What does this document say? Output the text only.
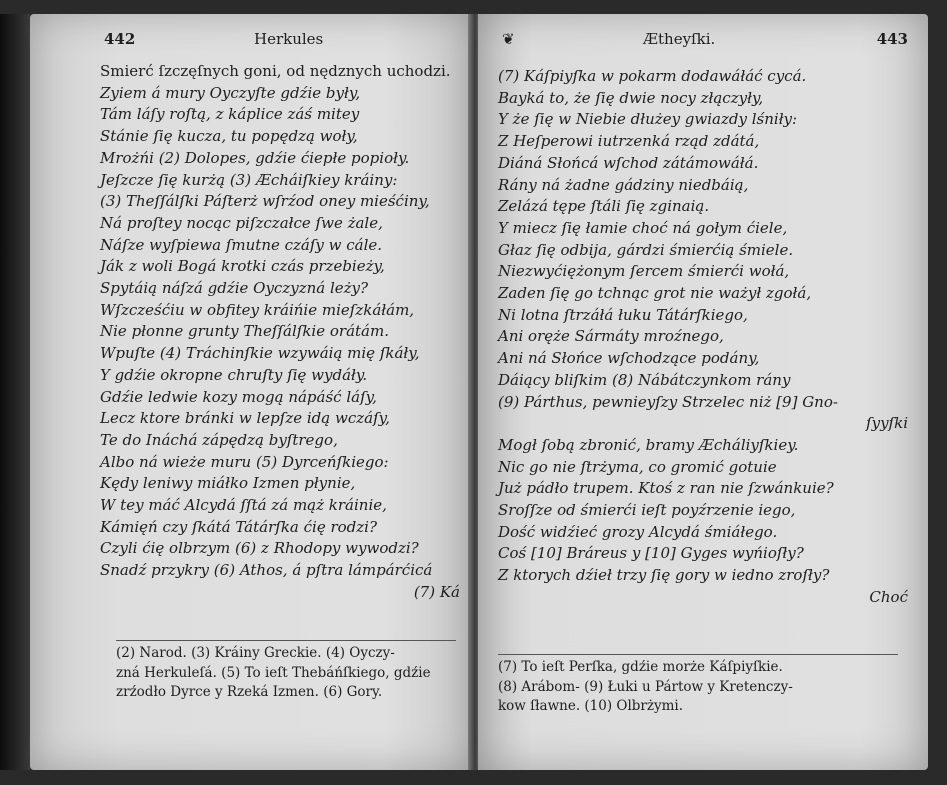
442	Herkules
Smierć ſzczęſnych goni, od nędznych uchodzi.
Zyiem á mury Oyczyſte gdźie były,
Tám láſy roſtą, z káplice záś mitey
Stánie ſię kucza, tu popędzą woły,
Mrożńi (2) Dolopes, gdźie ćiepłe popioły.
Jeſzcze ſię kurżą (3) Æcháiſkiey kráiny:
(3) Theſſálſki Páſterż wſrźod oney mieśćiny,
Ná proſtey nocąc piſzczałce ſwe żale,
Náſze wyſpiewa ſmutne czáſy w cále.
Ják z woli Bogá krotki czás przebieży,
Spytáią náſzá gdźie Oyczyzná leży?
Wſzcześćiu w obfitey kráińie mieſzkáłám,
Nie płonne grunty Theſſálſkie orátám.
Wpuſte (4) Tráchinſkie wzywáią mię ſkáły,
Y gdźie okropne chruſty ſię wydáły.
Gdźie ledwie kozy mogą nápáść láſy,
Lecz ktore bránki w lepſze idą wczáſy,
Te do Ináchá zápędzą byſtrego,
Albo ná wieże muru (5) Dyrceńſkiego:
Kędy leniwy miáłko Izmen płynie,
W tey máć Alcydá ſſtá zá mąż kráinie,
Kámięń czy ſkátá Tátárſka ćię rodzi?
Czyli ćię olbrzym (6) z Rhodopy wywodzi?
Snadź przykry (6) Athos, á pſtra lámpárćicá
(7) Ká
(2) Narod. (3) Kráiny Greckie. (4) Oyczy-
zná Herkuleſá. (5) To ieſt Thebáńſkiego, gdźie
zrźodło Dyrce y Rzeká Izmen. (6) Gory.
❦	Ætheyſki.	443
(7) Káſpiyſka w pokarm dodawáłáć cycá.
Bayká to, że ſię dwie nocy złączyły,
Y że ſię w Niebie dłużey gwiazdy lśniły:
Z Heſperowi iutrzenká rząd zdátá,
Diáná Słońcá wſchod zátámowáłá.
Rány ná żadne gádziny niedbáią,
Zelázá tępe ſtáli ſię zginaią.
Y miecz ſię łamie choć ná gołym ćiele,
Głaz ſię odbija, gárdzi śmierćią śmiele.
Niezwyćiężonym ſercem śmierći wołá,
Zaden ſię go tchnąc grot nie ważył zgołá,
Ni lotna ſtrzáłá łuku Tátárſkiego,
Ani oręże Sármáty mroźnego,
Ani ná Słońce wſchodzące podány,
Dáiący bliſkim (8) Nábátczynkom rány
(9) Párthus, pewnieyſzy Strzelec niż [9] Gno-
ſyyſki
Mogł ſobą zbronić, bramy Æcháliyſkiey.
Nic go nie ſtrżyma, co gromić gotuie
Już pádło trupem. Ktoś z ran nie ſzwánkuie?
Sroſſze od śmierći ieſt poyźrzenie iego,
Dość widźieć grozy Alcydá śmiáłego.
Coś [10] Bráreus y [10] Gyges wyńioſły?
Z ktorych dźieł trzy ſię gory w iedno zroſły?
Choć
(7) To ieſt Perſka, gdźie morże Káſpiyſkie.
(8) Arábom- (9) Łuki u Pártow y Kretenczy-
kow ſławne. (10) Olbrżymi.
